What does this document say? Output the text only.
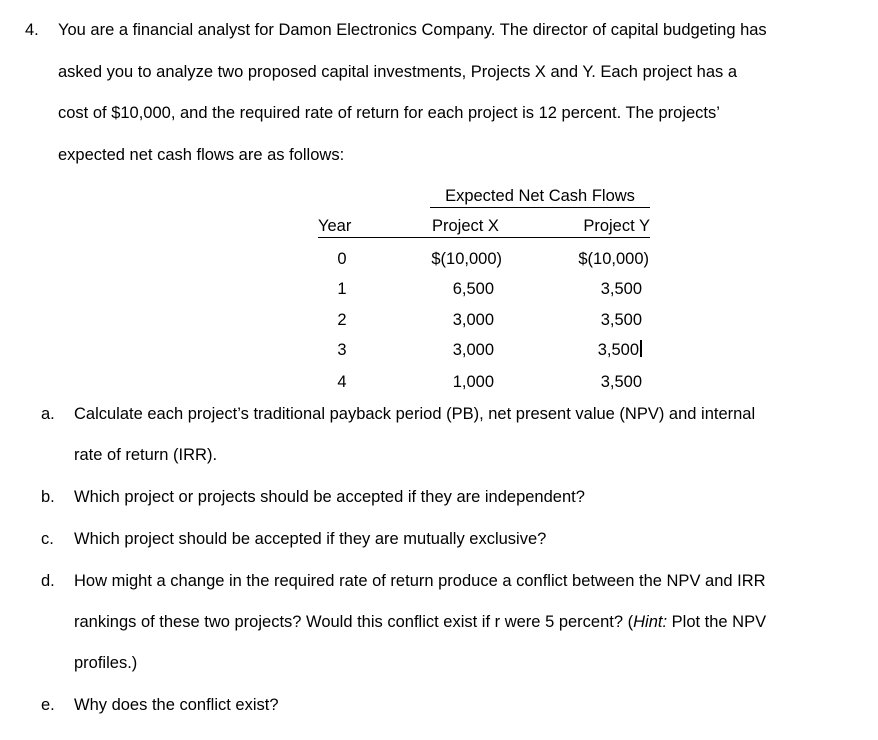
4. You are a financial analyst for Damon Electronics Company. The director of capital budgeting has
asked you to analyze two proposed capital investments, Projects X and Y. Each project has a
cost of $10,000, and the required rate of return for each project is 12 percent. The projects’
expected net cash flows are as follows:
Expected Net Cash Flows
Year	Project X	Project Y
0	$(10,000)	$(10,000)
1	6,500	3,500
2	3,000	3,500
3	3,000	3,500
4	1,000	3,500
a. Calculate each project’s traditional payback period (PB), net present value (NPV) and internal
rate of return (IRR).
b. Which project or projects should be accepted if they are independent?
c. Which project should be accepted if they are mutually exclusive?
d. How might a change in the required rate of return produce a conflict between the NPV and IRR
rankings of these two projects? Would this conflict exist if r were 5 percent? (Hint: Plot the NPV
profiles.)
e. Why does the conflict exist?
